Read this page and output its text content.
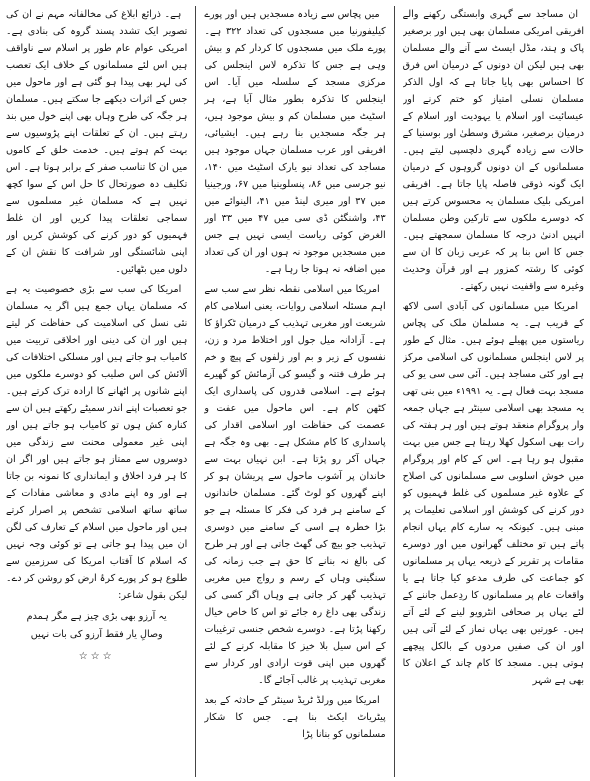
ان مساجد سے گہری وابستگی رکھنے والے افریقی امریکی مسلمان بھی ہیں اور برصغیر پاک و ہند، مڈل ایسٹ سے آنے والے مسلمان بھی ہیں لیکن ان دونوں کے درمیان اس فرق کا احساس بھی پایا جاتا ہے کہ اول الذکر مسلمان نسلی امتیاز کو ختم کرنے اور عیسائیت اور اسلام یا یہودیت اور اسلام کے درمیان برصغیر، مشرق وسطیٰ اور بوسنیا کے حالات سے زیادہ گہری دلچسپی لیتے ہیں۔ مسلمانوں کے ان دونوں گروہوں کے درمیان ایک گونہ ذوقی فاصلہ پایا جاتا ہے۔ افریقی امریکی بلیک مسلمان یہ محسوس کرتے ہیں کہ دوسرے ملکوں سے تارکین وطن مسلمان انہیں ادنیٰ درجہ کا مسلمان سمجھتے ہیں۔ جس کا اس بنا پر کہ عربی زبان کا ان سے کوئی کا رشتہ کمزور ہے اور قرآن وحدیث وغیرہ سے واقفیت نہیں رکھتے۔

امریکا میں مسلمانوں کی آبادی اسی لاکھ کے قریب ہے۔ یہ مسلمان ملک کی پچاس ریاستوں میں پھیلے ہوئے ہیں۔ مثال کے طور پر لاس اینجلس مسلمانوں کی اسلامی مرکز ہے اور کئی مساجد ہیں۔ آئی سی سی یو کی مسجد بہت فعال ہے۔ یہ ۱۹۹۱ء میں بنی تھی یہ مسجد بھی اسلامی سینٹر ہے جہاں جمعہ وار پروگرام منعقد ہوتے ہیں اور ہر ہفتہ کی رات بھی اسکول کھلا رہتا ہے جس میں بہت مقبول ہو رہا ہے۔ اس کے کام اور پروگرام میں خوش اسلوبی سے مسلمانوں کی اصلاح کے علاوہ غیر مسلموں کی غلط فہمیوں کو دور کرنے کی کوشش اور اسلامی تعلیمات پر مبنی ہیں۔ کیونکہ یہ سارے کام یہاں انجام پاتے ہیں تو مختلف گھرانوں میں اور دوسرے مقامات پر تقریر کے ذریعہ یہاں پر مسلمانوں کو جماعت کی طرف مدعو کیا جاتا ہے یا واقعات عام پر مسلمانوں کا ردِعمل جاننے کے لئے یہاں پر صحافی انٹرویو لینے کے لئے آتے ہیں۔ عورتیں بھی یہاں نماز کے لئے آتی ہیں اور ان کی صفیں مردوں کے بالکل پیچھے ہوتی ہیں۔ مسجد کا کام چاند کے اعلان کا بھی ہے شہر

میں پچاس سے زیادہ مسجدیں ہیں اور پورے کیلیفورنیا میں مسجدوں کی تعداد ۳۲۲ ہے۔ پورے ملک میں مسجدوں کا کردار کم و بیش وہی ہے جس کا تذکرہ لاس اینجلس کی مرکزی مسجد کے سلسلہ میں آیا۔ اس اینجلس کا تذکرہ بطور مثال آیا ہے، ہر اسٹیٹ میں مسلمان کم و بیش موجود ہیں، ہر جگہ مسجدیں بنا رہے ہیں۔ ایشیائی، افریقی اور عرب مسلمان جہاں موجود ہیں مساجد کی تعداد نیو یارک اسٹیٹ میں ۱۴۰، نیو جرسی میں ۸۶، پنسلوینیا میں ۶۷، ورجینیا میں ۳۷ اور میری لینڈ میں ۴۱، الینوائے میں ۴۳، واشنگٹن ڈی سی میں ۴۷ میں ۳۳ اور الغرض کوئی ریاست ایسی نہیں ہے جس میں مسجدیں موجود نہ ہوں اور ان کی تعداد میں اضافہ نہ ہوتا جا رہا ہے۔

امریکا میں اسلامی نقطہ نظر سے سب سے اہم مسئلہ اسلامی روایات، یعنی اسلامی کام شریعت اور مغربی تہذیب کے درمیان ٹکراؤ کا ہے۔ آزادانہ میل جول اور اختلاط مرد و زن، نفسوں کے زیر و بم اور زلفوں کے پیچ و خم ہر طرف فتنہ و گیسو کی آزمائش کو گھیرے ہوئے ہے۔ اسلامی قدروں کی پاسداری ایک کٹھن کام ہے۔ اس ماحول میں عفت و عصمت کی حفاظت اور اسلامی اقدار کی پاسداری کا کام مشکل ہے۔ بھی وہ جگہ ہے جہاں آکر رو پڑتا ہے۔ ابن نہیاں بہت سے خاندان پر آشوب ماحول سے پریشان ہو کر اپنے گھروں کو لوٹ گئے۔ مسلمان خاندانوں کے سامنے ہر فرد کی فکر کا مسئلہ ہے جو بڑا خطرہ ہے اسی کے سامنے میں دوسری تہذیب جو بیچ کی گھٹ جاتی ہے اور ہر طرح کی بالغ نہ بنانے کا حق ہے جب زمانہ کی سنگینی وہاں کے رسم و رواج میں مغربی تہذیب گھر کر جاتی ہے وہاں اگر کسی کی زندگی بھی داغ رہ جائے تو اس کا خاص خیال رکھنا پڑتا ہے۔ دوسرے شخص جنسی ترغیبات کے اس سیل بلا خیز کا مقابلہ کرنے کے لئے گھروں میں اپنی قوت ارادی اور کردار سے مغربی تہذیب پر غالب آجائے گا۔

امریکا میں ورلڈ ٹریڈ سینٹر کے حادثہ کے بعد پیٹریاٹ ایکٹ بنا ہے۔ جس کا شکار مسلمانوں کو بنانا پڑا

ہے۔ ذرائع ابلاغ کی مخالفانہ مہم نے ان کی تصویر ایک تشدد پسند گروہ کی بنادی ہے۔ امریکی عوام عام طور پر اسلام سے ناواقف ہیں اس لئے مسلمانوں کے خلاف ایک تعصب کی لہر بھی پیدا ہو گئی ہے اور ماحول میں جس کے اثرات دیکھے جا سکتے ہیں۔ مسلمان ہر جگہ کی طرح وہاں بھی اپنے خول میں بند رہتے ہیں۔ ان کے تعلقات اپنے پڑوسیوں سے بہت کم ہوتے ہیں۔ خدمت خلق کے کاموں میں ان کا تناسب صفر کے برابر ہوتا ہے۔ اس تکلیف دہ صورتحال کا حل اس کے سوا کچھ نہیں ہے کہ مسلمان غیر مسلموں سے سماجی تعلقات پیدا کریں اور ان غلط فہمیوں کو دور کرنے کی کوشش کریں اور اپنی شائستگی اور شرافت کا نقش ان کے دلوں میں بٹھائیں۔

امریکا کی سب سے بڑی خصوصیت یہ ہے کہ مسلمان یہاں جمع ہیں اگر یہ مسلمان نئی نسل کی اسلامیت کی حفاظت کر لیتے ہیں اور ان کی دینی اور اخلاقی تربیت میں کامیاب ہو جاتے ہیں اور مسلکی اختلافات کی آلائش کی اس صلیب کو دوسرے ملکوں میں اپنے شانوں پر اٹھانے کا ارادہ ترک کرتے ہیں۔ جو تعصبات اپنے اندر سمیٹے رکھتے ہیں ان سے کنارہ کش ہوں تو کامیاب ہو جاتے ہیں اور اپنی غیر معمولی محنت سے زندگی میں دوسروں سے ممتاز ہو جاتے ہیں اور اگر ان کا ہر فرد اخلاق و ایمانداری کا نمونہ بن جاتا ہے اور وہ اپنے مادی و معاشی مفادات کے ساتھ ساتھ اسلامی تشخص پر اصرار کرتے ہیں اور ماحول میں اسلام کے تعارف کی لگن ان میں پیدا ہو جاتی ہے تو کوئی وجہ نہیں کہ اسلام کا آفتاب امریکا کی سرزمین سے طلوع ہو کر پورے کرۂ ارض کو روشن کر دے۔ لیکن بقول شاعر:

یہ آرزو بھی بڑی چیز ہے مگر ہمدم
وصالِ یار فقط آرزو کی بات نہیں
☆☆☆
